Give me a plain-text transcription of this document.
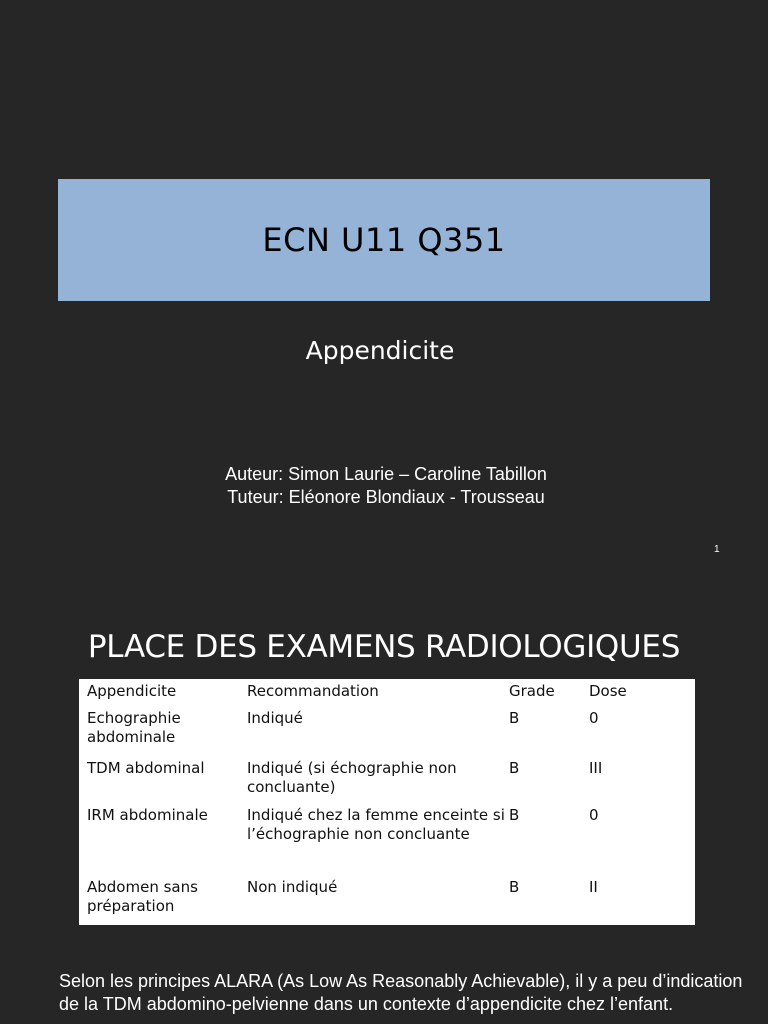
ECN U11 Q351
Appendicite
Auteur: Simon Laurie – Caroline Tabillon
Tuteur: Eléonore Blondiaux - Trousseau
1
PLACE DES EXAMENS RADIOLOGIQUES
Appendicite	Recommandation	Grade	Dose
Echographie abdominale	Indiqué	B	0
TDM abdominal	Indiqué (si échographie non concluante)	B	III
IRM abdominale	Indiqué chez la femme enceinte si l’échographie non concluante	B	0
Abdomen sans préparation	Non indiqué	B	II
Selon les principes ALARA (As Low As Reasonably Achievable), il y a peu d’indication de la TDM abdomino-pelvienne dans un contexte d’appendicite chez l’enfant.
